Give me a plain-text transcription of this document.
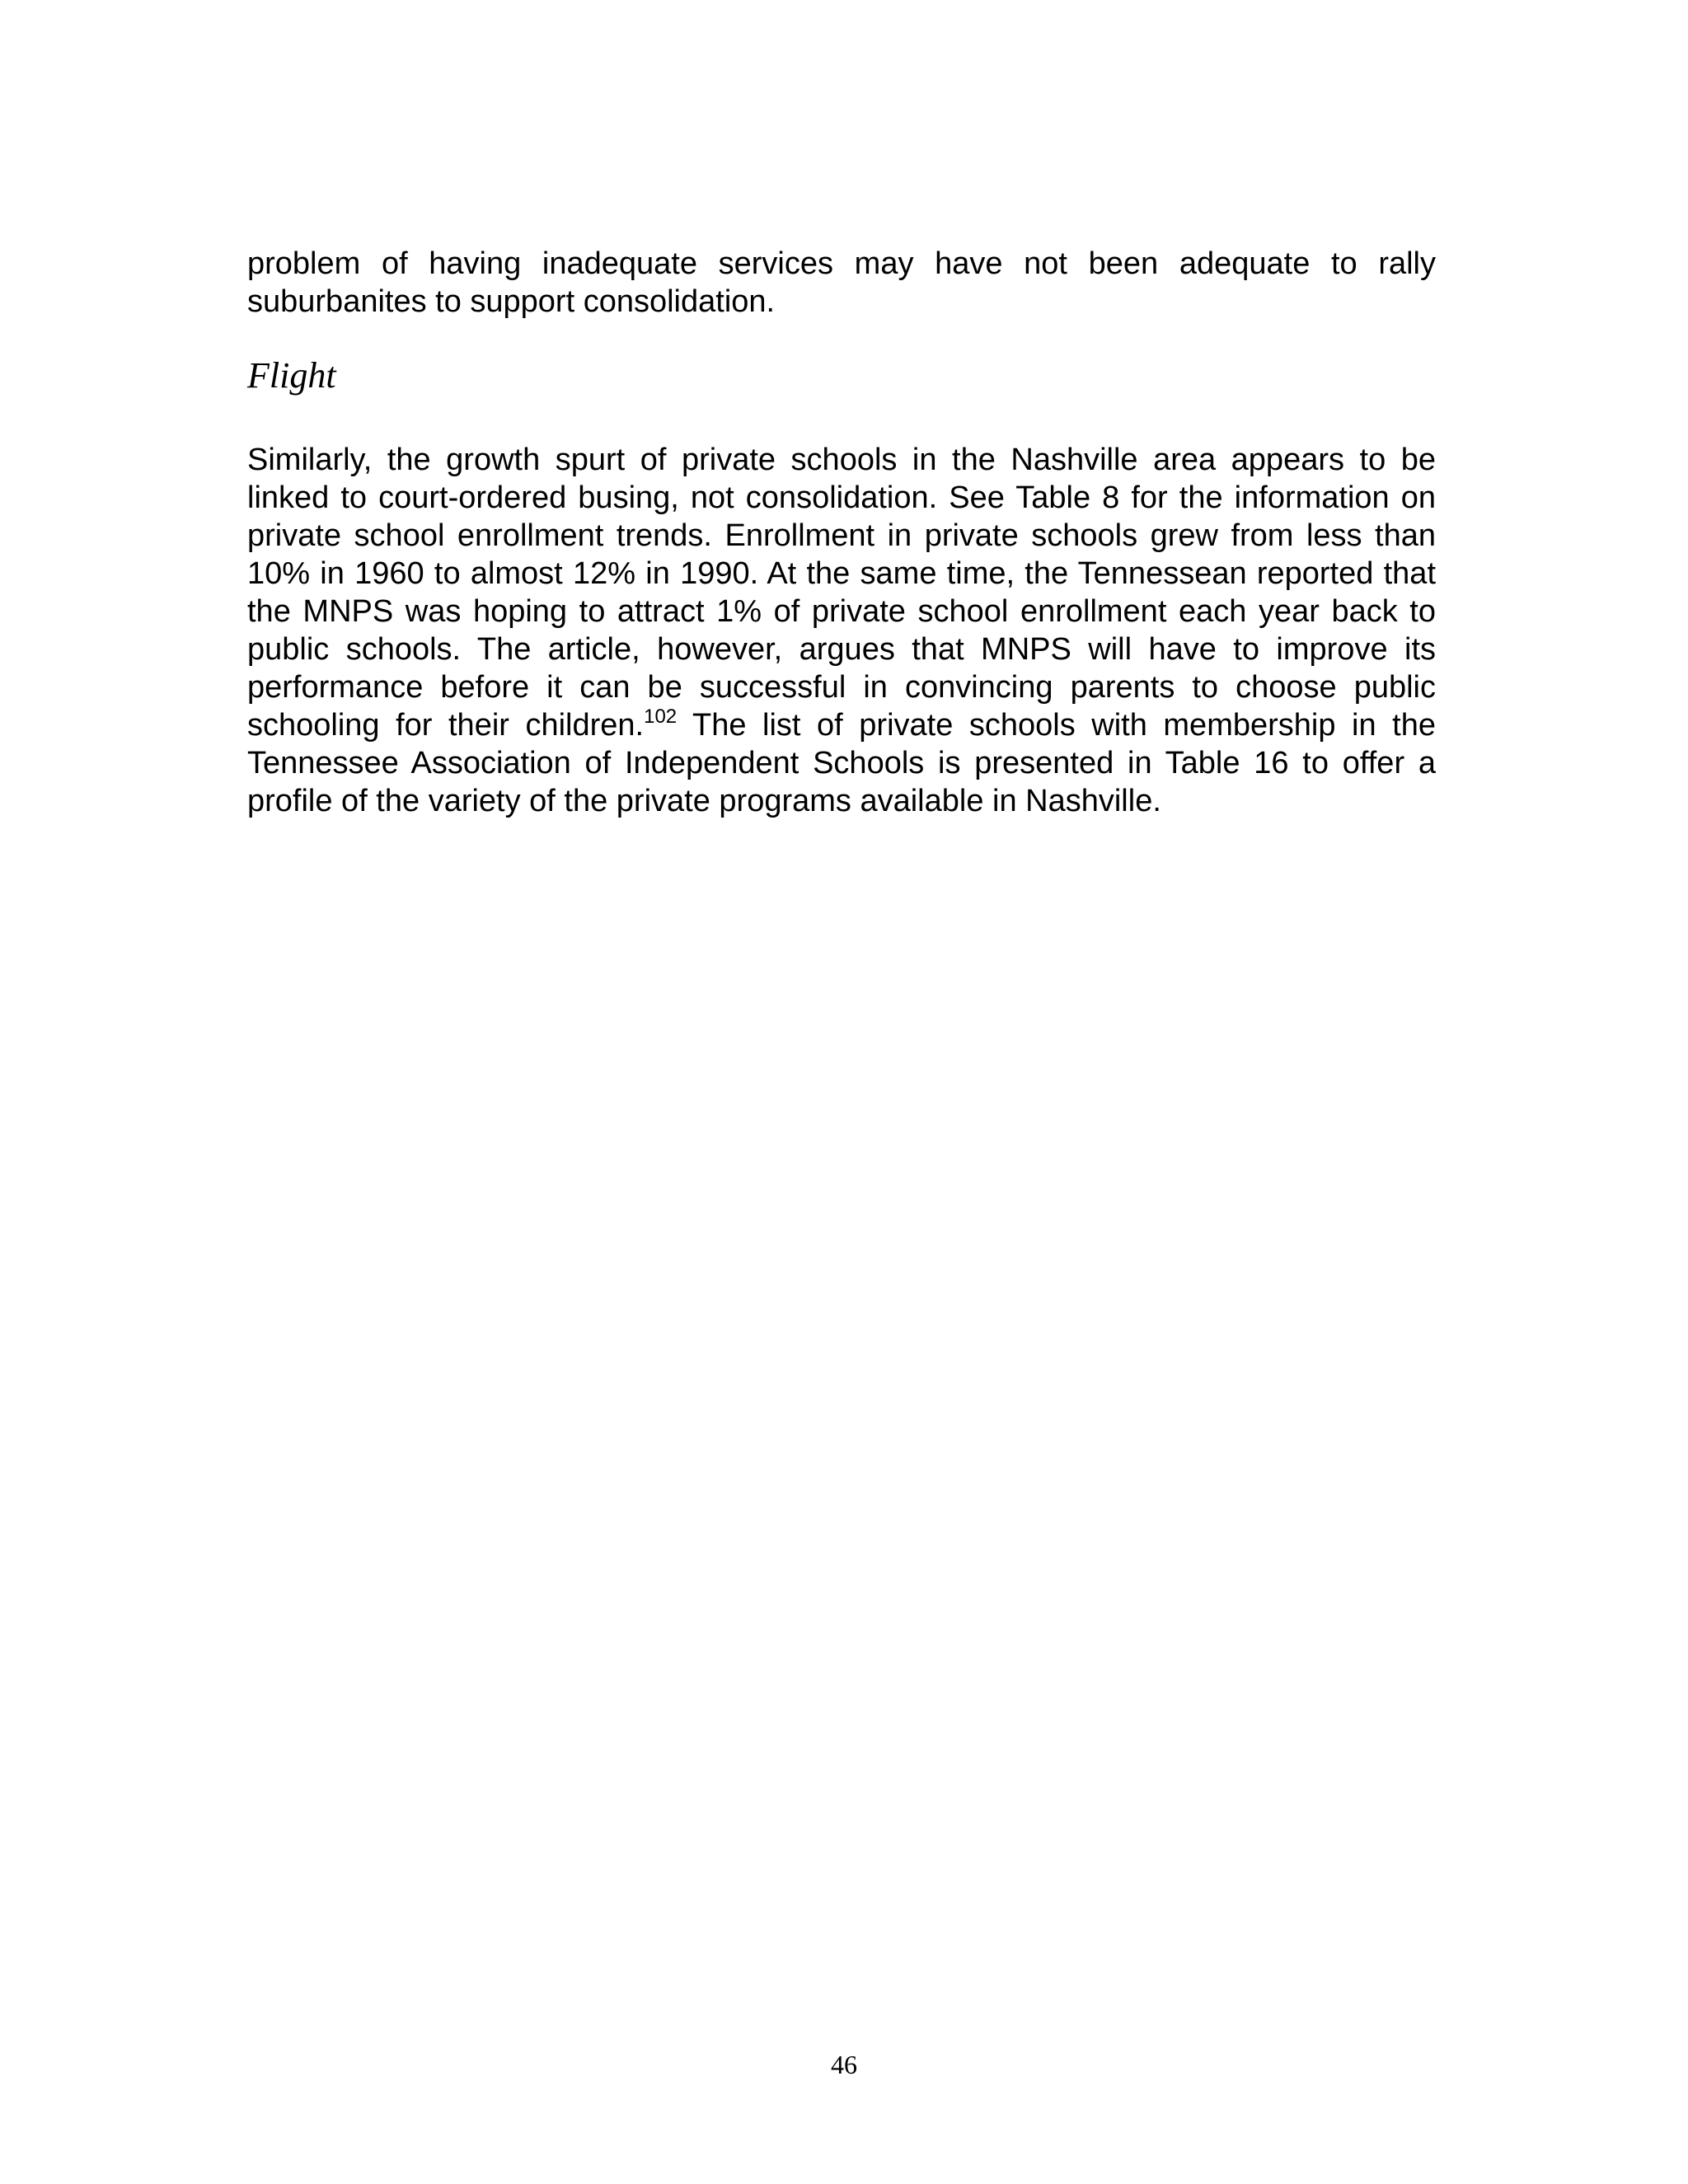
problem of having inadequate services may have not been adequate to rally suburbanites to support consolidation.

Flight

Similarly, the growth spurt of private schools in the Nashville area appears to be linked to court-ordered busing, not consolidation. See Table 8 for the information on private school enrollment trends. Enrollment in private schools grew from less than 10% in 1960 to almost 12% in 1990. At the same time, the Tennessean reported that the MNPS was hoping to attract 1% of private school enrollment each year back to public schools. The article, however, argues that MNPS will have to improve its performance before it can be successful in convincing parents to choose public schooling for their children.$^{102}$ The list of private schools with membership in the Tennessee Association of Independent Schools is presented in Table 16 to offer a profile of the variety of the private programs available in Nashville.

46
